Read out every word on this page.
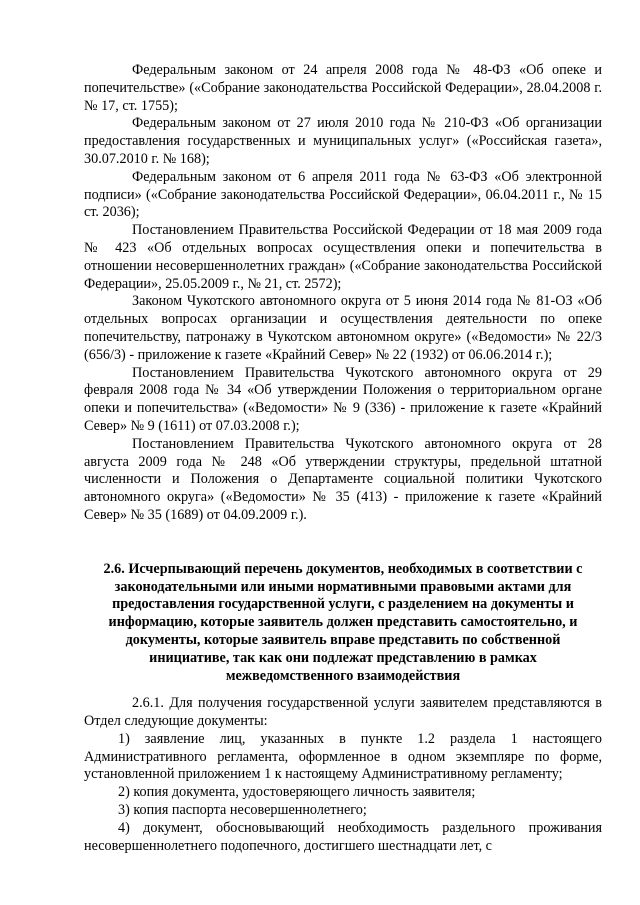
Федеральным законом от 24 апреля 2008 года № 48-ФЗ «Об опеке и попечительстве» («Собрание законодательства Российской Федерации», 28.04.2008 г. № 17, ст. 1755);

Федеральным законом от 27 июля 2010 года № 210-ФЗ «Об организации предоставления государственных и муниципальных услуг» («Российская газета», 30.07.2010 г. № 168);

Федеральным законом от 6 апреля 2011 года № 63-ФЗ «Об электронной подписи» («Собрание законодательства Российской Федерации», 06.04.2011 г., № 15 ст. 2036);

Постановлением Правительства Российской Федерации от 18 мая 2009 года № 423 «Об отдельных вопросах осуществления опеки и попечительства в отношении несовершеннолетних граждан» («Собрание законодательства Российской Федерации», 25.05.2009 г., № 21, ст. 2572);

Законом Чукотского автономного округа от 5 июня 2014 года № 81-ОЗ «Об отдельных вопросах организации и осуществления деятельности по опеке попечительству, патронажу в Чукотском автономном округе» («Ведомости» № 22/3 (656/3) - приложение к газете «Крайний Север» № 22 (1932) от 06.06.2014 г.);

Постановлением Правительства Чукотского автономного округа от 29 февраля 2008 года № 34 «Об утверждении Положения о территориальном органе опеки и попечительства» («Ведомости» № 9 (336) - приложение к газете «Крайний Север» № 9 (1611) от 07.03.2008 г.);

Постановлением Правительства Чукотского автономного округа от 28 августа 2009 года № 248 «Об утверждении структуры, предельной штатной численности и Положения о Департаменте социальной политики Чукотского автономного округа» («Ведомости» № 35 (413) - приложение к газете «Крайний Север» № 35 (1689) от 04.09.2009 г.).

2.6. Исчерпывающий перечень документов, необходимых в соответствии с законодательными или иными нормативными правовыми актами для предоставления государственной услуги, с разделением на документы и информацию, которые заявитель должен представить самостоятельно, и документы, которые заявитель вправе представить по собственной инициативе, так как они подлежат представлению в рамках межведомственного взаимодействия

2.6.1. Для получения государственной услуги заявителем представляются в Отдел следующие документы:

1) заявление лиц, указанных в пункте 1.2 раздела 1 настоящего Административного регламента, оформленное в одном экземпляре по форме, установленной приложением 1 к настоящему Административному регламенту;

2) копия документа, удостоверяющего личность заявителя;

3) копия паспорта несовершеннолетнего;

4) документ, обосновывающий необходимость раздельного проживания несовершеннолетнего подопечного, достигшего шестнадцати лет, с
